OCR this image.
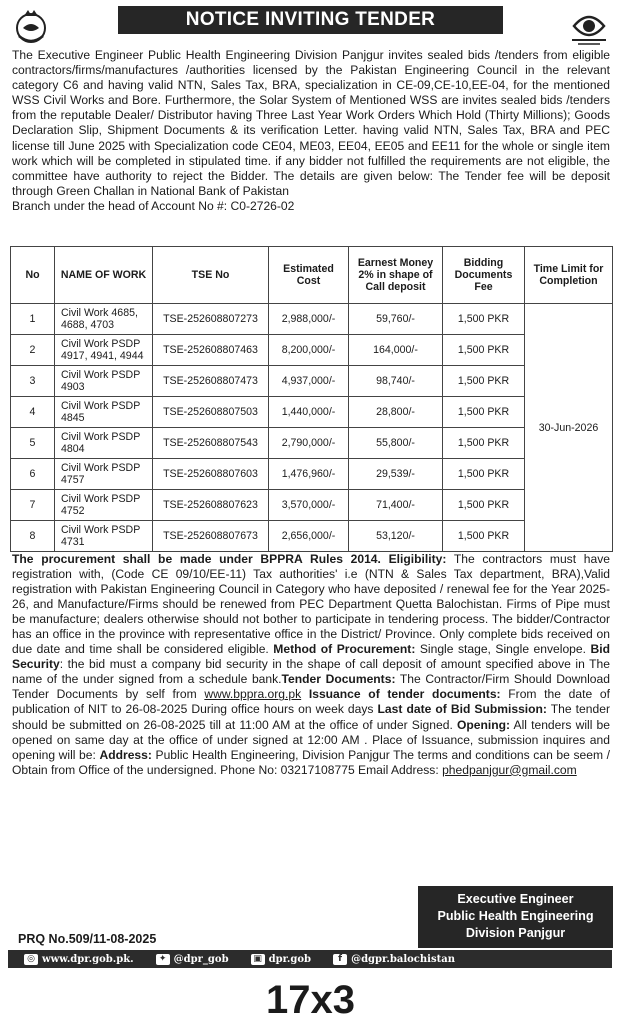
NOTICE INVITING TENDER

The Executive Engineer Public Health Engineering Division Panjgur invites sealed bids /tenders from eligible contractors/firms/manufactures /authorities licensed by the Pakistan Engineering Council in the relevant category C6 and having valid NTN, Sales Tax, BRA, specialization in CE-09,CE-10,EE-04, for the mentioned WSS Civil Works and Bore. Furthermore, the Solar System of Mentioned WSS are invites sealed bids /tenders from the reputable Dealer/ Distributor having Three Last Year Work Orders Which Hold (Thirty Millions); Goods Declaration Slip, Shipment Documents & its verification Letter. having valid NTN, Sales Tax, BRA and PEC license till June 2025 with Specialization code CE04, ME03, EE04, EE05 and EE11 for the whole or single item work which will be completed in stipulated time. if any bidder not fulfilled the requirements are not eligible, the committee have authority to reject the Bidder. The details are given below: The Tender fee will be deposit through Green Challan in National Bank of Pakistan
Branch under the head of Account No #: C0-2726-02

No	NAME OF WORK	TSE No	Estimated Cost	Earnest Money 2% in shape of Call deposit	Bidding Documents Fee	Time Limit for Completion
1	Civil Work 4685, 4688, 4703	TSE-252608807273	2,988,000/-	59,760/-	1,500 PKR	30-Jun-2026
2	Civil Work PSDP 4917, 4941, 4944	TSE-252608807463	8,200,000/-	164,000/-	1,500 PKR	
3	Civil Work PSDP 4903	TSE-252608807473	4,937,000/-	98,740/-	1,500 PKR	
4	Civil Work PSDP 4845	TSE-252608807503	1,440,000/-	28,800/-	1,500 PKR	
5	Civil Work PSDP 4804	TSE-252608807543	2,790,000/-	55,800/-	1,500 PKR	
6	Civil Work PSDP 4757	TSE-252608807603	1,476,960/-	29,539/-	1,500 PKR	
7	Civil Work PSDP 4752	TSE-252608807623	3,570,000/-	71,400/-	1,500 PKR	
8	Civil Work PSDP 4731	TSE-252608807673	2,656,000/-	53,120/-	1,500 PKR	

The procurement shall be made under BPPRA Rules 2014. Eligibility: The contractors must have registration with, (Code CE 09/10/EE-11) Tax authorities' i.e (NTN & Sales Tax department, BRA),Valid registration with Pakistan Engineering Council in Category who have deposited / renewal fee for the Year 2025-26, and Manufacture/Firms should be renewed from PEC Department Quetta Balochistan. Firms of Pipe must be manufacture; dealers otherwise should not bother to participate in tendering process. The bidder/Contractor has an office in the province with representative office in the District/ Province. Only complete bids received on due date and time shall be considered eligible. Method of Procurement: Single stage, Single envelope. Bid Security: the bid must a company bid security in the shape of call deposit of amount specified above in The name of the under signed from a schedule bank.Tender Documents: The Contractor/Firm Should Download Tender Documents by self from www.bppra.org.pk Issuance of tender documents: From the date of publication of NIT to 26-08-2025 During office hours on week days Last date of Bid Submission: The tender should be submitted on 26-08-2025 till at 11:00 AM at the office of under Signed. Opening: All tenders will be opened on same day at the office of under signed at 12:00 AM . Place of Issuance, submission inquires and opening will be: Address: Public Health Engineering, Division Panjgur The terms and conditions can be seem / Obtain from Office of the undersigned. Phone No: 03217108775 Email Address: phedpanjgur@gmail.com

PRQ No.509/11-08-2025
Executive Engineer
Public Health Engineering
Division Panjgur
◎ www.dpr.gob.pk.	✦ @dpr_gob	▣ dpr.gob	f @dgpr.balochistan
17x3
